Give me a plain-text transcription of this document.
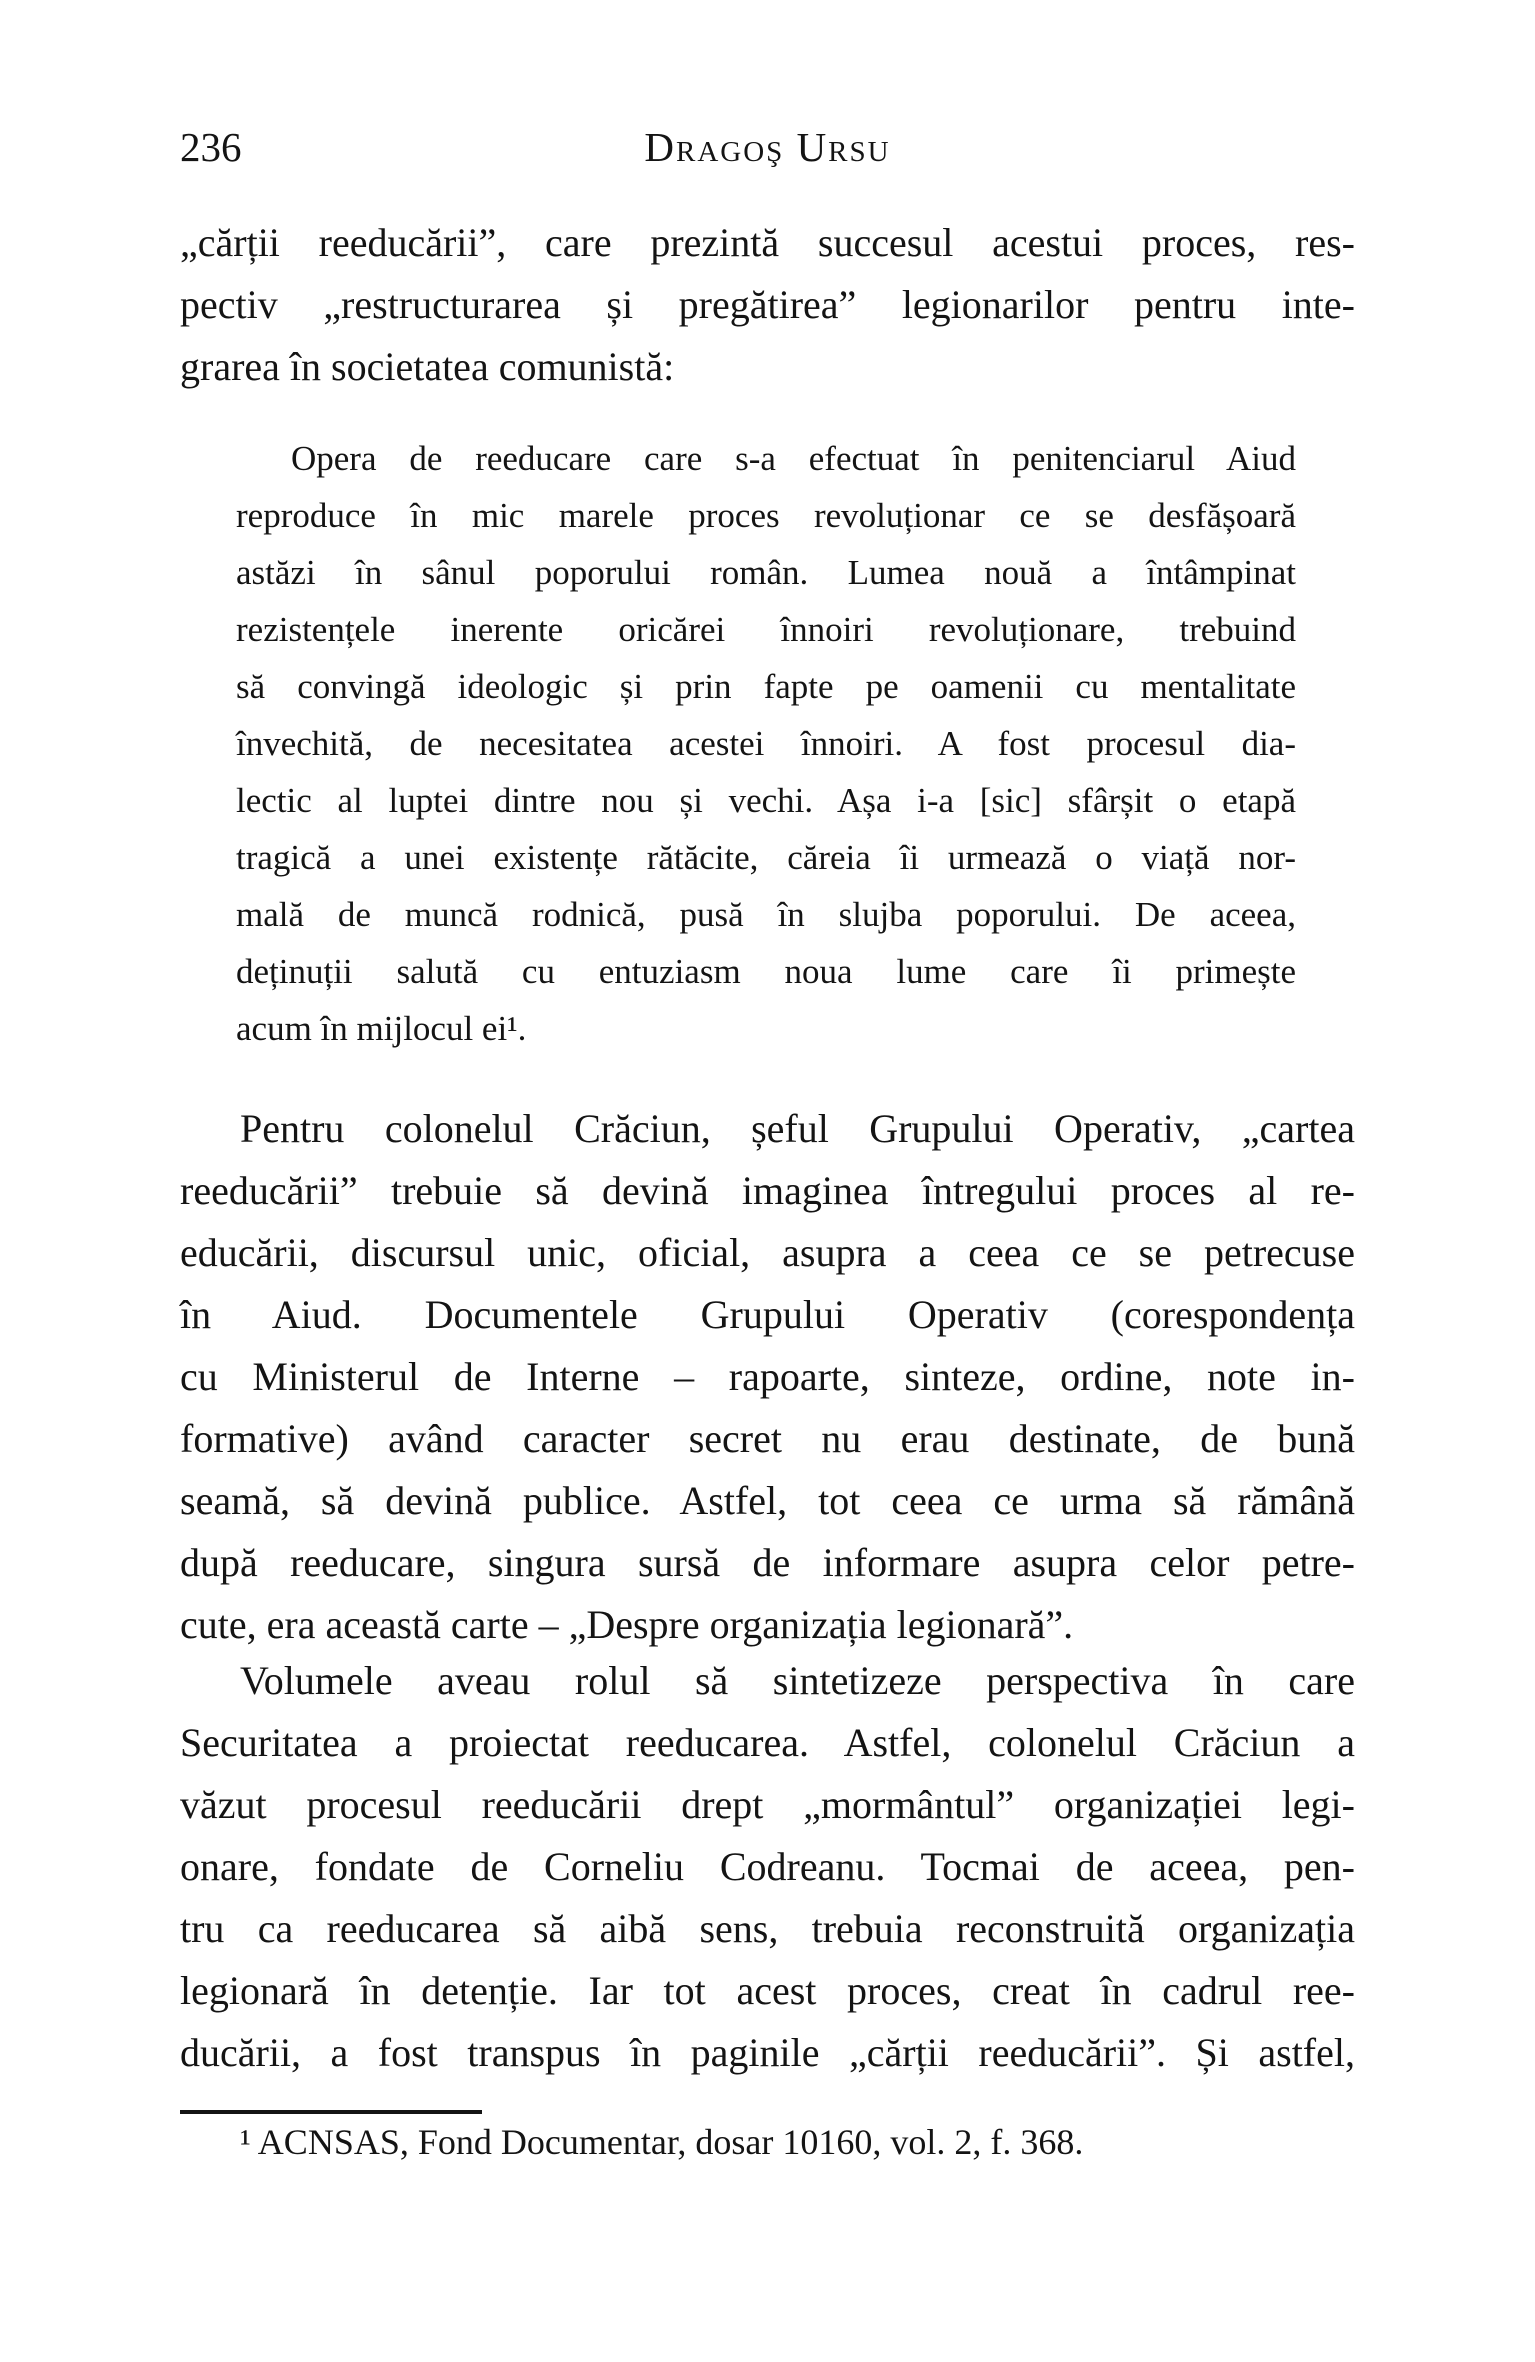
236	Dragoş Ursu
„cărții reeducării”, care prezintă succesul acestui proces, res-
pectiv „restructurarea și pregătirea” legionarilor pentru inte-
grarea în societatea comunistă:
Opera de reeducare care s-a efectuat în penitenciarul Aiud
reproduce în mic marele proces revoluționar ce se desfășoară
astăzi în sânul poporului român. Lumea nouă a întâmpinat
rezistențele inerente oricărei înnoiri revoluționare, trebuind
să convingă ideologic și prin fapte pe oamenii cu mentalitate
învechită, de necesitatea acestei înnoiri. A fost procesul dia-
lectic al luptei dintre nou și vechi. Așa i-a [sic] sfârșit o etapă
tragică a unei existențe rătăcite, căreia îi urmează o viață nor-
mală de muncă rodnică, pusă în slujba poporului. De aceea,
deținuții salută cu entuziasm noua lume care îi primește
acum în mijlocul ei¹.
Pentru colonelul Crăciun, șeful Grupului Operativ, „cartea
reeducării” trebuie să devină imaginea întregului proces al re-
educării, discursul unic, oficial, asupra a ceea ce se petrecuse
în Aiud. Documentele Grupului Operativ (corespondența
cu Ministerul de Interne – rapoarte, sinteze, ordine, note in-
formative) având caracter secret nu erau destinate, de bună
seamă, să devină publice. Astfel, tot ceea ce urma să rămână
după reeducare, singura sursă de informare asupra celor petre-
cute, era această carte – „Despre organizația legionară”.
Volumele aveau rolul să sintetizeze perspectiva în care
Securitatea a proiectat reeducarea. Astfel, colonelul Crăciun a
văzut procesul reeducării drept „mormântul” organizației legi-
onare, fondate de Corneliu Codreanu. Tocmai de aceea, pen-
tru ca reeducarea să aibă sens, trebuia reconstruită organizația
legionară în detenție. Iar tot acest proces, creat în cadrul ree-
ducării, a fost transpus în paginile „cărții reeducării”. Și astfel,
¹ ACNSAS, Fond Documentar, dosar 10160, vol. 2, f. 368.
